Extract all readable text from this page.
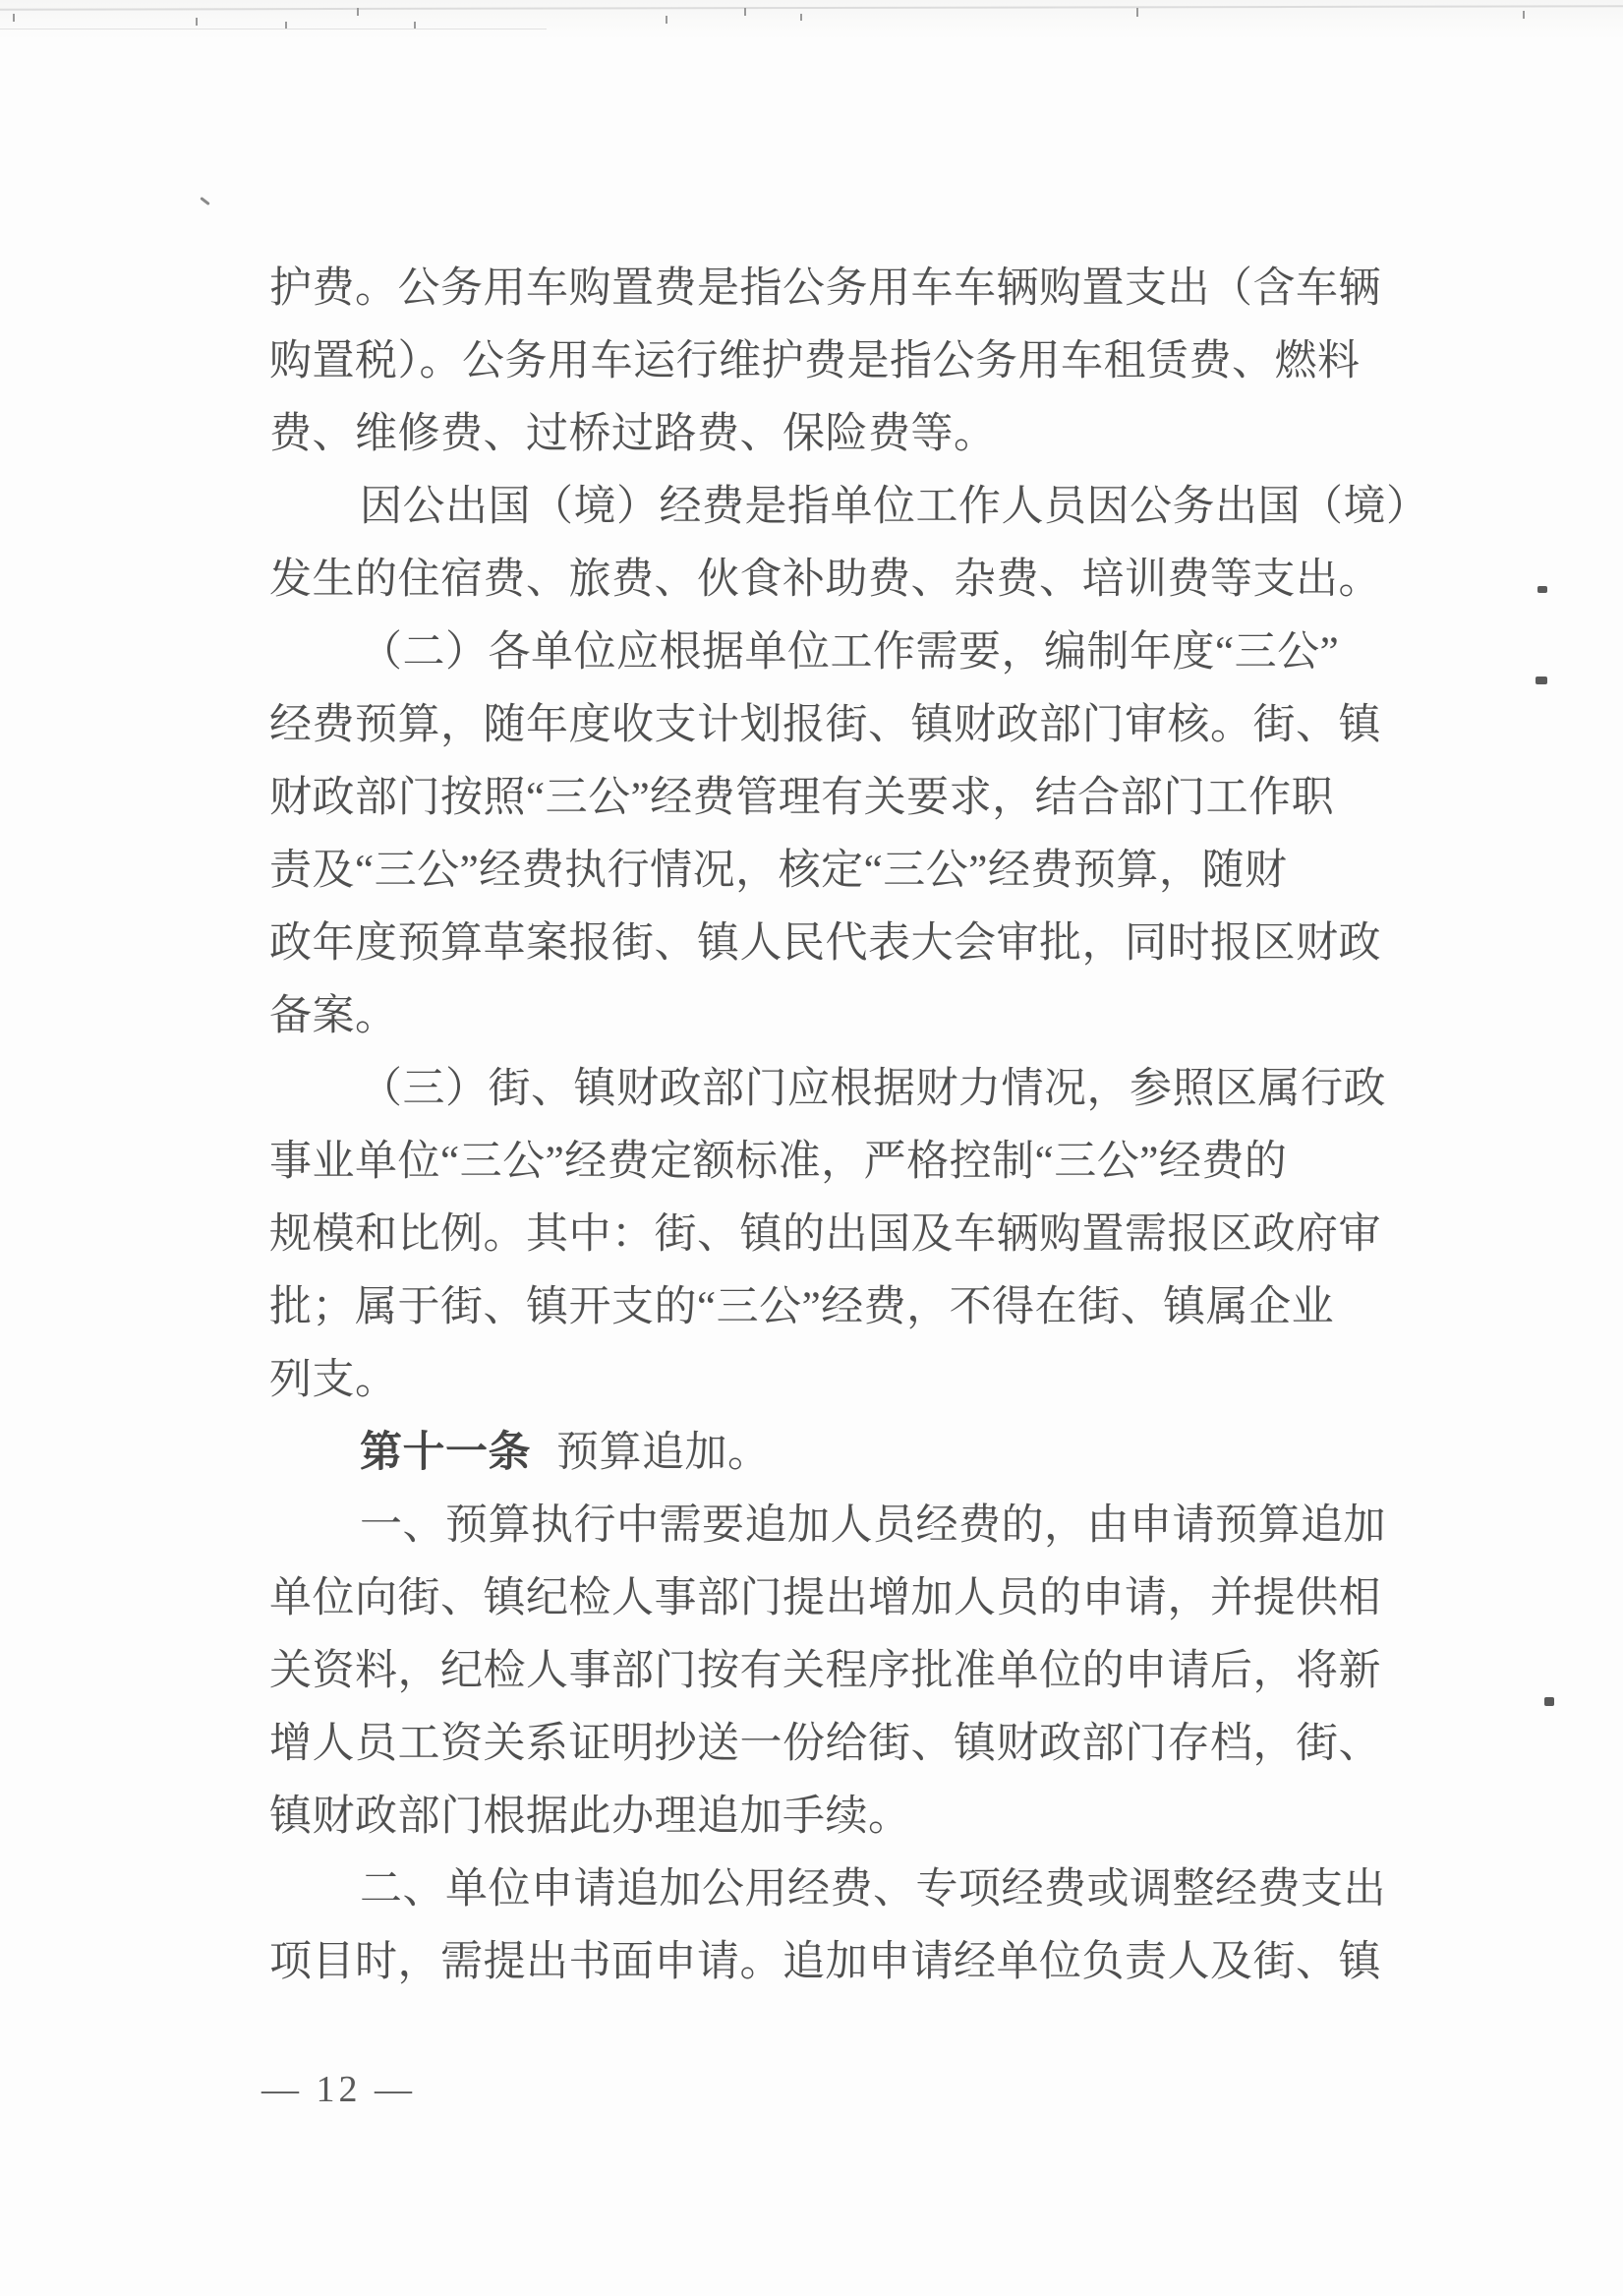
护费。公务用车购置费是指公务用车车辆购置支出（含车辆
购置税）。公务用车运行维护费是指公务用车租赁费、燃料
费、维修费、过桥过路费、保险费等。
因公出国（境）经费是指单位工作人员因公务出国（境）
发生的住宿费、旅费、伙食补助费、杂费、培训费等支出。
（二）各单位应根据单位工作需要，编制年度“三公”
经费预算，随年度收支计划报街、镇财政部门审核。街、镇
财政部门按照“三公”经费管理有关要求，结合部门工作职
责及“三公”经费执行情况，核定“三公”经费预算，随财
政年度预算草案报街、镇人民代表大会审批，同时报区财政
备案。
（三）街、镇财政部门应根据财力情况，参照区属行政
事业单位“三公”经费定额标准，严格控制“三公”经费的
规模和比例。其中：街、镇的出国及车辆购置需报区政府审
批；属于街、镇开支的“三公”经费，不得在街、镇属企业
列支。
第十一条 预算追加。
一、预算执行中需要追加人员经费的，由申请预算追加
单位向街、镇纪检人事部门提出增加人员的申请，并提供相
关资料，纪检人事部门按有关程序批准单位的申请后，将新
增人员工资关系证明抄送一份给街、镇财政部门存档，街、
镇财政部门根据此办理追加手续。
二、单位申请追加公用经费、专项经费或调整经费支出
项目时，需提出书面申请。追加申请经单位负责人及街、镇
— 12 —
